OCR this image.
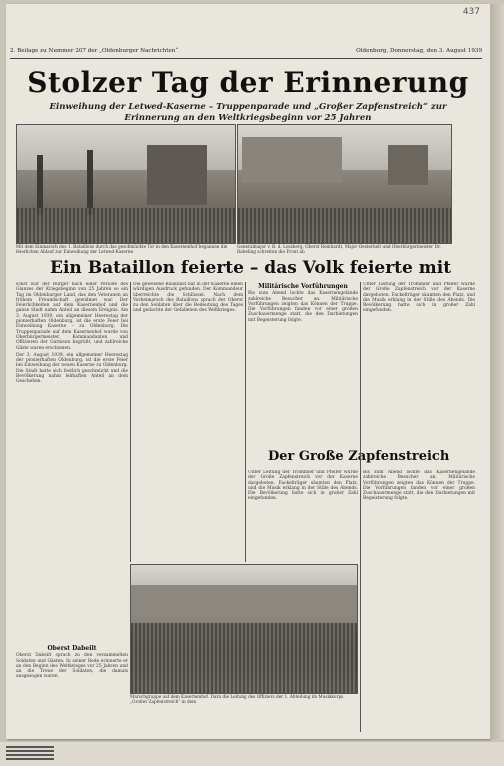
437
2. Beilage zu Nummer 207 der „Oldenburger Nachrichten“	Oldenburg, Donnerstag, den 3. August 1939
Stolzer Tag der Erinnerung
Einweihung der Letwed-Kaserne – Truppenparade und „Großer Zapfenstreich“ zur Erinnerung an den Weltkriegsbeginn vor 25 Jahren
Mit dem Einmarsch des 1. Bataillons durch das geschmückte Tor in den Kasernenhof begannen die feierlichen Ablauf zur Einweihung der Letwed-Kaserne
Generalmajor v. B. d. Lossberg, Oberst Reinhardt, Major Oesterhelt und Oberbürgermeister Dr. Rabeling schreiten die Front ab
Ein Bataillon feierte – das Volk feierte mit

Einst war der Bürger nach einer Periode des Glanzes der Kriegsbeginn von 25 Jahren so ein Tag im Oldenburger Land, das den Veteranen an frühem Freundschaft gewidmet war. Der Feierlichkeiten auf dem Kasernenhof und die ganze Stadt nahm Anteil an diesem Ereignis. Am 3. August 1939, ein allgemeiner Heerestag der pionierhaften Oldenburg, ist die erste Feier bei Einweihung Kaserne – zu Oldenburg. Die Truppenparade auf dem Kasernenhof wurde von Oberbürgermeister, Kommandanten und Offizieren der Garnison begrüßt, und zahlreiche Gäste waren erschienen.

Der 3. August 1939, ein allgemeiner Heerestag der pionierhaften Oldenburg, ist die erste Feier bei Einweihung der neuen Kaserne zu Oldenburg. Die Stadt hatte sich festlich geschmückt und die Bevölkerung nahm lebhaften Anteil an dem Geschehen.

Die gewesene Baukunst hat in der Kaserne einen würdigen Ausdruck gefunden. Der Kommandeur überreichte die Schlüssel. Nach dem Vorbeimarsch des Bataillons sprach der Oberst zu den Soldaten über die Bedeutung des Tages und gedachte der Gefallenen des Weltkrieges.

Militärische Vorführungen

Bis zum Abend lockte das Kasernengelände zahlreiche Besucher an. Militärische Vorführungen zeigten das Können der Truppe. Die Vorführungen fanden vor einer großen Zuschauermenge statt, die den Darbietungen mit Begeisterung folgte.

Unter Leitung der Trommler und Pfeifer wurde der Große Zapfenstreich vor der Kaserne dargeboten. Fackelträger säumten den Platz, und die Musik erklang in der Stille des Abends. Die Bevölkerung hatte sich in großer Zahl eingefunden.

Der Große Zapfenstreich

Unter Leitung der Trommler und Pfeifer wurde der Große Zapfenstreich vor der Kaserne dargeboten. Fackelträger säumten den Platz, und die Musik erklang in der Stille des Abends. Die Bevölkerung hatte sich in großer Zahl eingefunden.

Bis zum Abend lockte das Kasernengelände zahlreiche Besucher an. Militärische Vorführungen zeigten das Können der Truppe. Die Vorführungen fanden vor einer großen Zuschauermenge statt, die den Darbietungen mit Begeisterung folgte.

Marschgruppe auf dem Kasernenhof. Dazu die Leitung des Offiziers der 1. Abteilung im Musikkorps „Großer Zapfenstreich“ in dem
Oberst Dabeilt

Oberst Dabeilt sprach zu den versammelten Soldaten und Gästen. In seiner Rede erinnerte er an den Beginn des Weltkrieges vor 25 Jahren und an die Treue der Soldaten, die damals ausgezogen waren.
